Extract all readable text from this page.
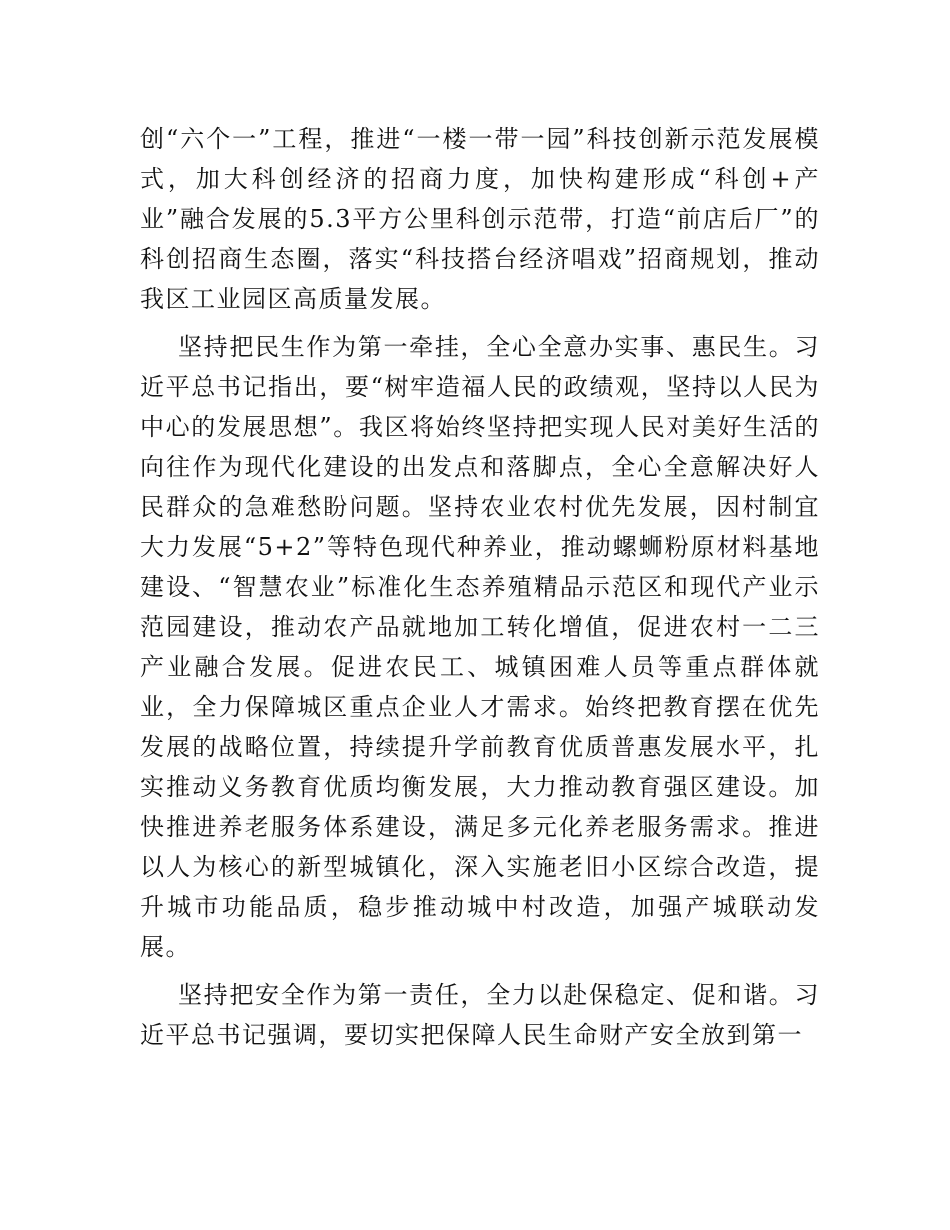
创“六个一”工程，推进“一楼一带一园”科技创新示范发展模式，加大科创经济的招商力度，加快构建形成“科创+产业”融合发展的5.3平方公里科创示范带，打造“前店后厂”的科创招商生态圈，落实“科技搭台经济唱戏”招商规划，推动我区工业园区高质量发展。

坚持把民生作为第一牵挂，全心全意办实事、惠民生。习近平总书记指出，要“树牢造福人民的政绩观，坚持以人民为中心的发展思想”。我区将始终坚持把实现人民对美好生活的向往作为现代化建设的出发点和落脚点，全心全意解决好人民群众的急难愁盼问题。坚持农业农村优先发展，因村制宜大力发展“5+2”等特色现代种养业，推动螺蛳粉原材料基地建设、“智慧农业”标准化生态养殖精品示范区和现代产业示范园建设，推动农产品就地加工转化增值，促进农村一二三产业融合发展。促进农民工、城镇困难人员等重点群体就业，全力保障城区重点企业人才需求。始终把教育摆在优先发展的战略位置，持续提升学前教育优质普惠发展水平，扎实推动义务教育优质均衡发展，大力推动教育强区建设。加快推进养老服务体系建设，满足多元化养老服务需求。推进以人为核心的新型城镇化，深入实施老旧小区综合改造，提升城市功能品质，稳步推动城中村改造，加强产城联动发展。

坚持把安全作为第一责任，全力以赴保稳定、促和谐。习近平总书记强调，要切实把保障人民生命财产安全放到第一
